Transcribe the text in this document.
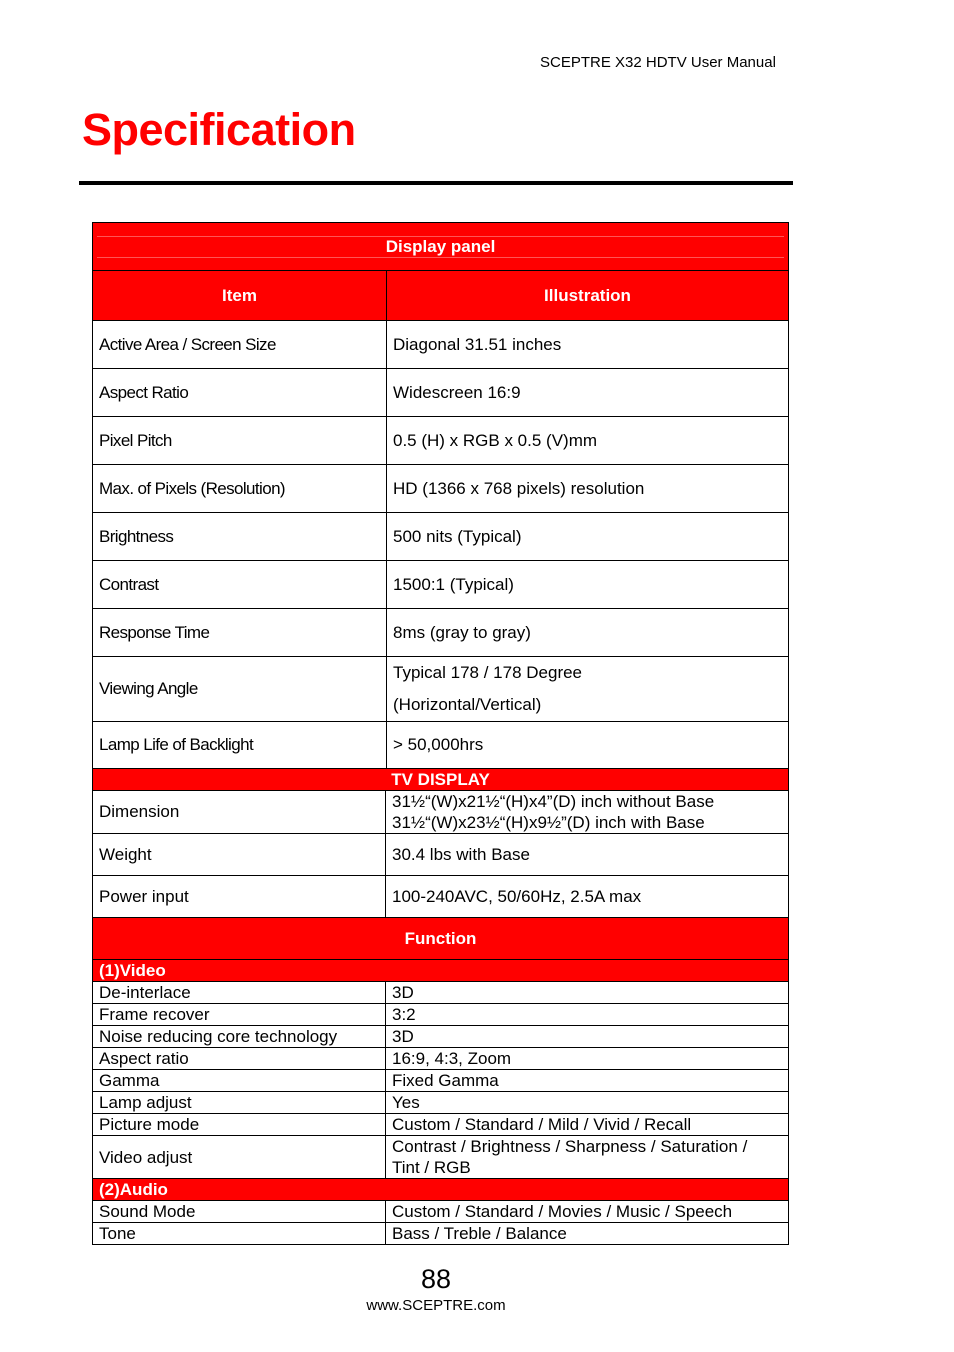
SCEPTRE X32 HDTV User Manual
Specification
Display panel	

Item	Illustration
Active Area / Screen Size	Diagonal 31.51 inches
Aspect Ratio	Widescreen 16:9
Pixel Pitch	0.5 (H) x RGB x 0.5 (V)mm
Max. of Pixels (Resolution)	HD (1366 x 768 pixels) resolution
Brightness	500 nits (Typical)
Contrast	1500:1 (Typical)
Response Time	8ms (gray to gray)
Viewing Angle	Typical 178 / 178 Degree
(Horizontal/Vertical)

Lamp Life of Backlight	> 50,000hrs
TV DISPLAY	
Dimension	31½“(W)x21½“(H)x4”(D) inch without Base
31½“(W)x23½“(H)x9½”(D) inch with Base

Weight	30.4 lbs with Base
Power input	100-240AVC, 50/60Hz, 2.5A max
Function	
(1)Video	
De-interlace	3D
Frame recover	3:2
Noise reducing core technology	3D
Aspect ratio	16:9, 4:3, Zoom
Gamma	Fixed Gamma
Lamp adjust	Yes
Picture mode	Custom / Standard / Mild / Vivid / Recall
Video adjust	Contrast / Brightness / Sharpness / Saturation /
Tint / RGB

(2)Audio	
Sound Mode	Custom / Standard / Movies / Music / Speech
Tone	Bass / Treble / Balance
88
www.SCEPTRE.com
